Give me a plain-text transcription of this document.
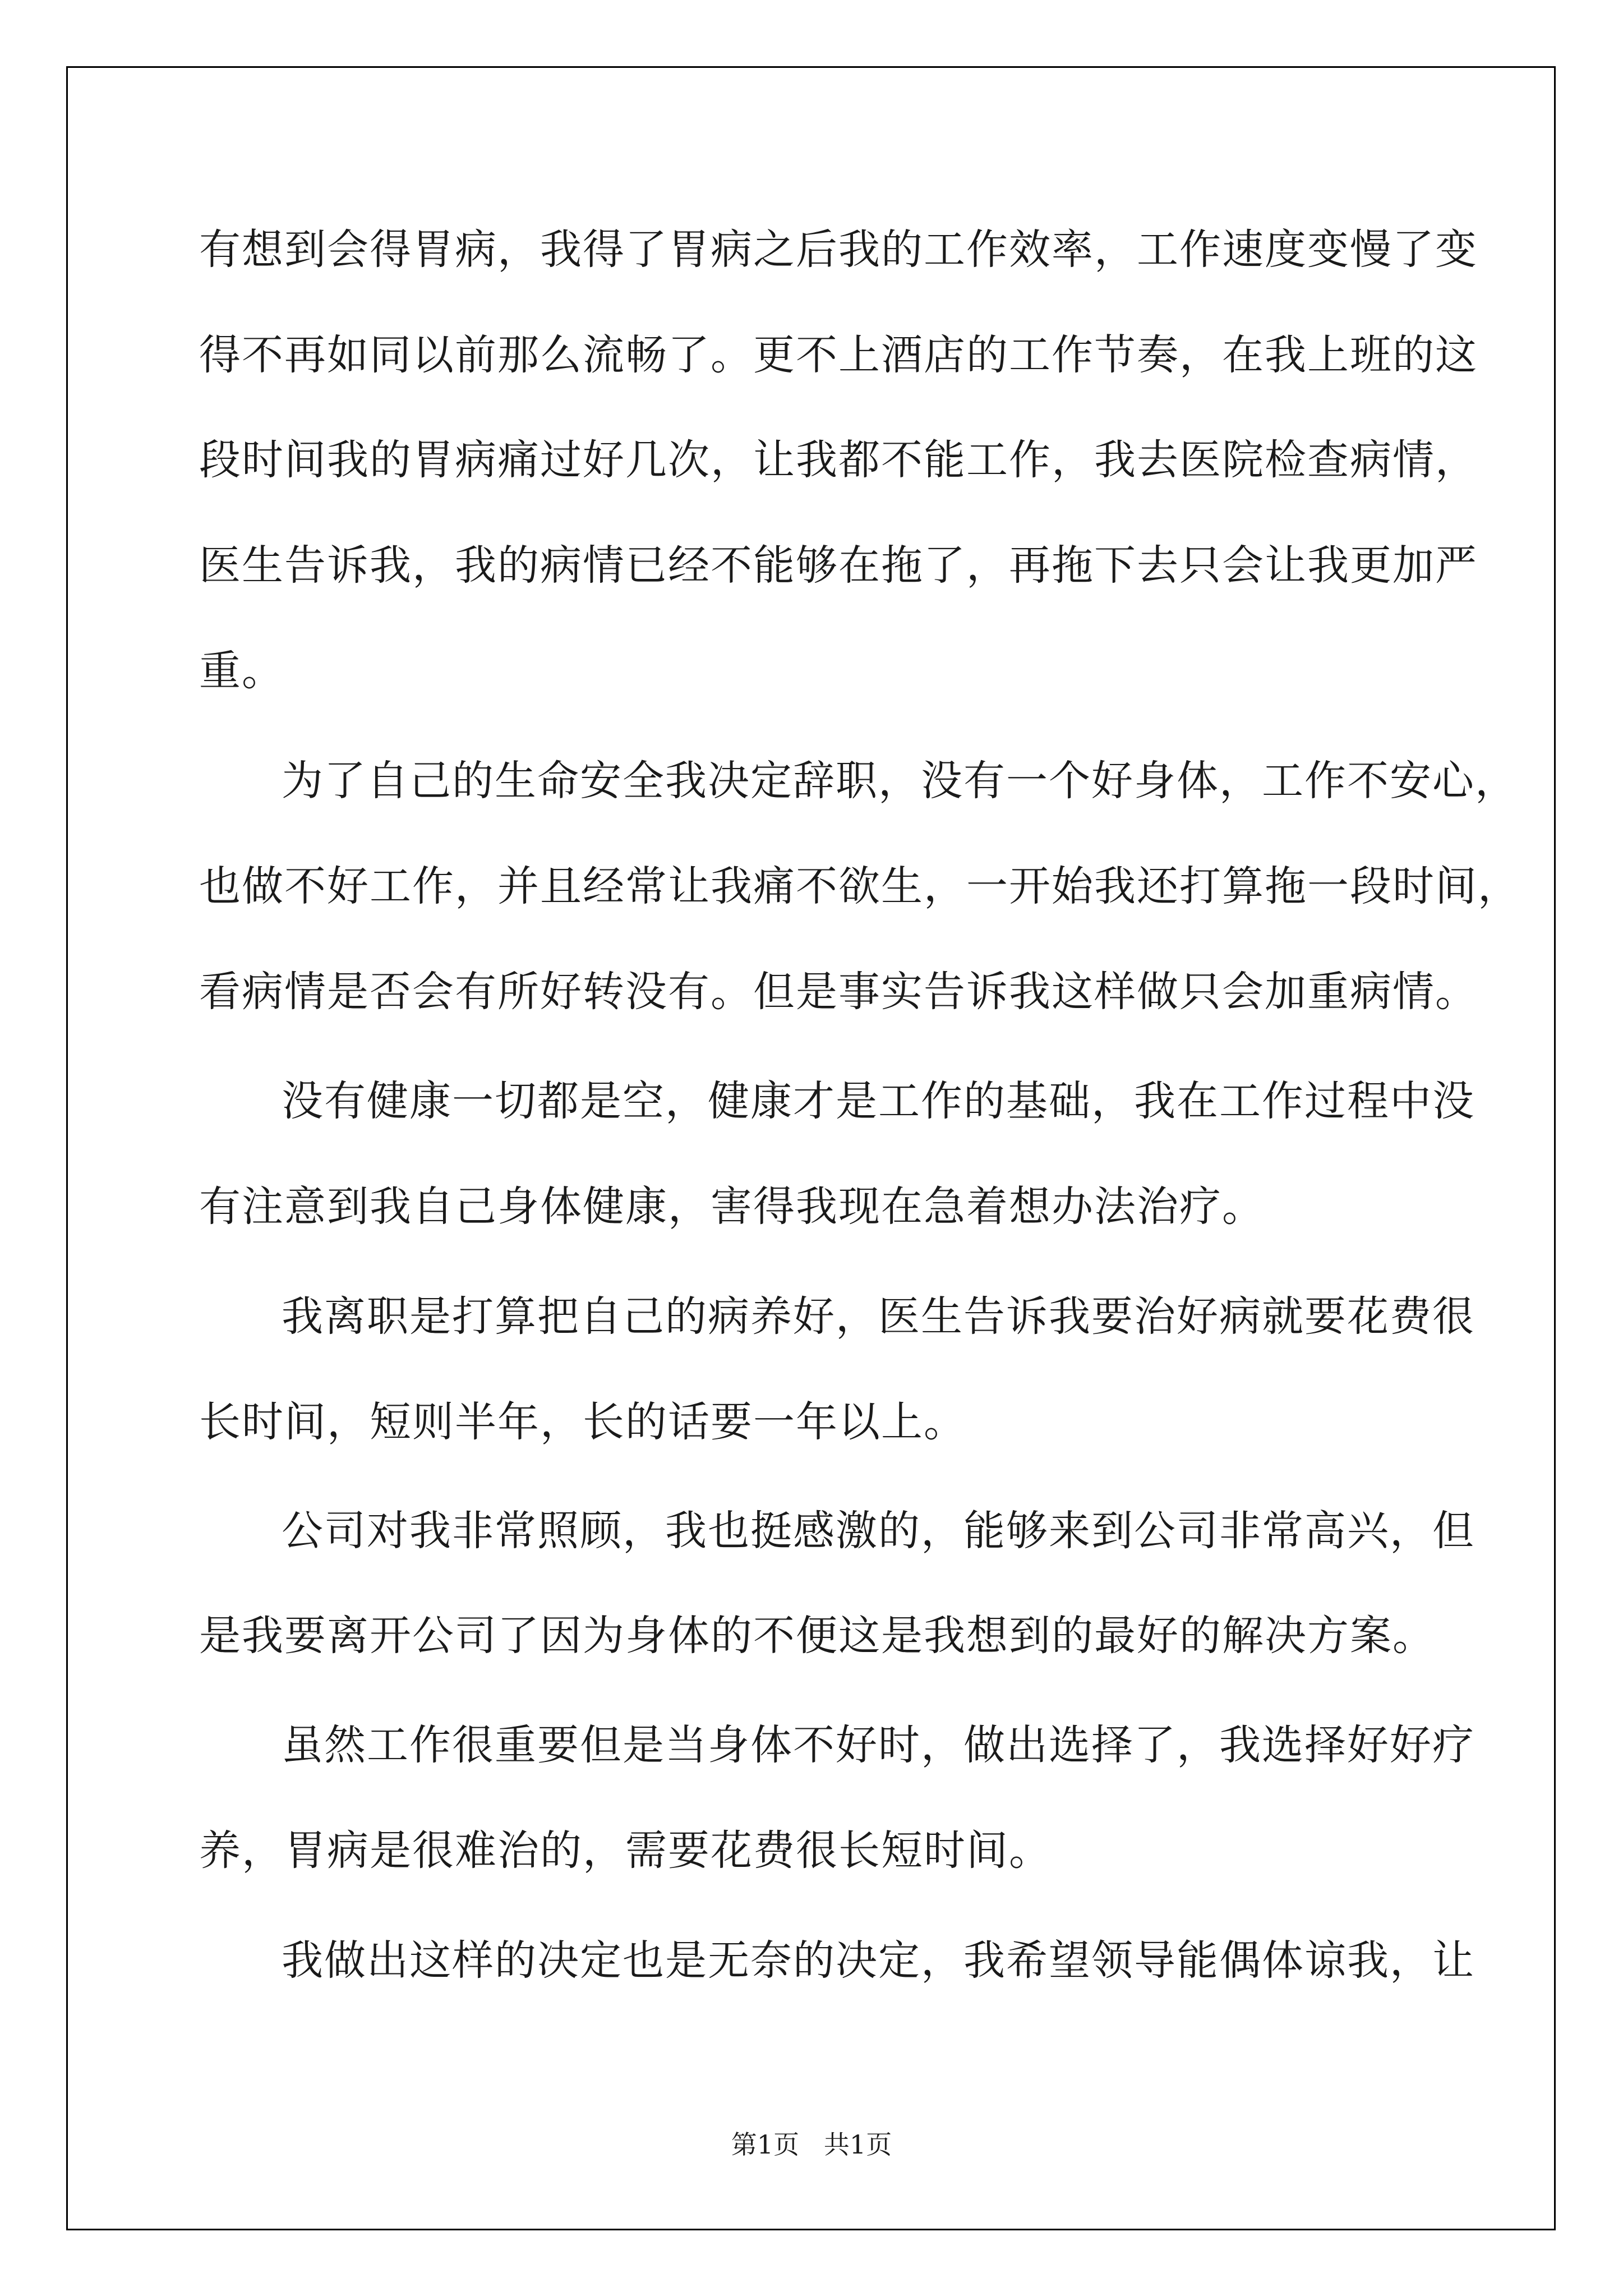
有想到会得胃病，我得了胃病之后我的工作效率，工作速度变慢了变
得不再如同以前那么流畅了。更不上酒店的工作节奏，在我上班的这
段时间我的胃病痛过好几次，让我都不能工作，我去医院检查病情，
医生告诉我，我的病情已经不能够在拖了，再拖下去只会让我更加严
重。
为了自己的生命安全我决定辞职，没有一个好身体，工作不安心，
也做不好工作，并且经常让我痛不欲生，一开始我还打算拖一段时间，
看病情是否会有所好转没有。但是事实告诉我这样做只会加重病情。
没有健康一切都是空，健康才是工作的基础，我在工作过程中没
有注意到我自己身体健康，害得我现在急着想办法治疗。
我离职是打算把自己的病养好，医生告诉我要治好病就要花费很
长时间，短则半年，长的话要一年以上。
公司对我非常照顾，我也挺感激的，能够来到公司非常高兴，但
是我要离开公司了因为身体的不便这是我想到的最好的解决方案。
虽然工作很重要但是当身体不好时，做出选择了，我选择好好疗
养，胃病是很难治的，需要花费很长短时间。
我做出这样的决定也是无奈的决定，我希望领导能偶体谅我，让
第1页   共1页
